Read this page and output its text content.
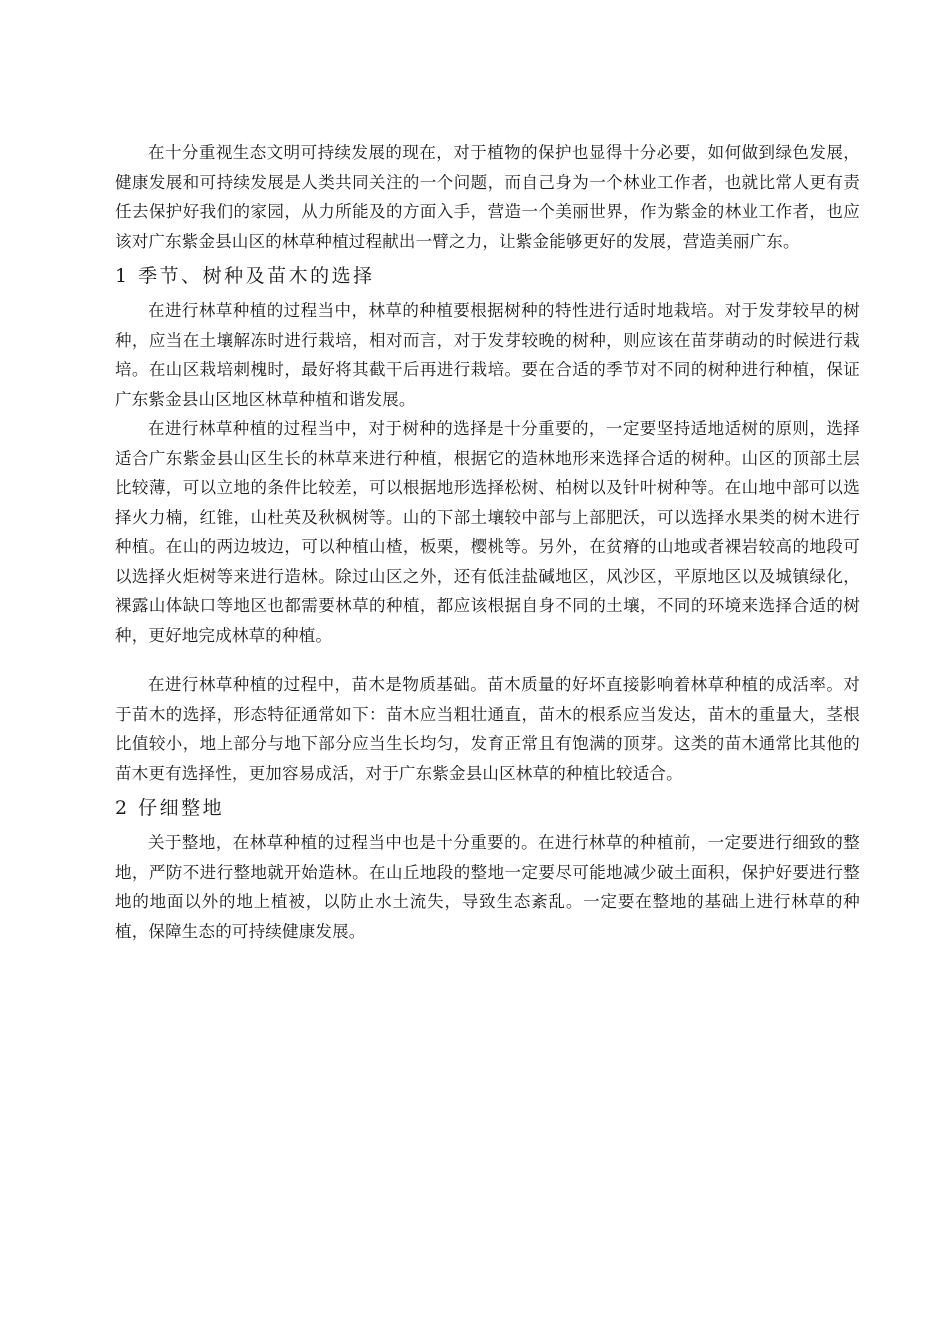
在十分重视生态文明可持续发展的现在，对于植物的保护也显得十分必要，如何做到绿色发展，健康发展和可持续发展是人类共同关注的一个问题，而自己身为一个林业工作者，也就比常人更有责任去保护好我们的家园，从力所能及的方面入手，营造一个美丽世界，作为紫金的林业工作者，也应该对广东紫金县山区的林草种植过程献出一臂之力，让紫金能够更好的发展，营造美丽广东。

1 季节、树种及苗木的选择

在进行林草种植的过程当中，林草的种植要根据树种的特性进行适时地栽培。对于发芽较早的树种，应当在土壤解冻时进行栽培，相对而言，对于发芽较晚的树种，则应该在苗芽萌动的时候进行栽培。在山区栽培刺槐时，最好将其截干后再进行栽培。要在合适的季节对不同的树种进行种植，保证广东紫金县山区地区林草种植和谐发展。

在进行林草种植的过程当中，对于树种的选择是十分重要的，一定要坚持适地适树的原则，选择适合广东紫金县山区生长的林草来进行种植，根据它的造林地形来选择合适的树种。山区的顶部土层比较薄，可以立地的条件比较差，可以根据地形选择松树、柏树以及针叶树种等。在山地中部可以选择火力楠，红锥，山杜英及秋枫树等。山的下部土壤较中部与上部肥沃，可以选择水果类的树木进行种植。在山的两边坡边，可以种植山楂，板栗，樱桃等。另外，在贫瘠的山地或者裸岩较高的地段可以选择火炬树等来进行造林。除过山区之外，还有低洼盐碱地区，风沙区，平原地区以及城镇绿化，裸露山体缺口等地区也都需要林草的种植，都应该根据自身不同的土壤，不同的环境来选择合适的树种，更好地完成林草的种植。

在进行林草种植的过程中，苗木是物质基础。苗木质量的好坏直接影响着林草种植的成活率。对于苗木的选择，形态特征通常如下：苗木应当粗壮通直，苗木的根系应当发达，苗木的重量大，茎根比值较小，地上部分与地下部分应当生长均匀，发育正常且有饱满的顶芽。这类的苗木通常比其他的苗木更有选择性，更加容易成活，对于广东紫金县山区林草的种植比较适合。

2 仔细整地

关于整地，在林草种植的过程当中也是十分重要的。在进行林草的种植前，一定要进行细致的整地，严防不进行整地就开始造林。在山丘地段的整地一定要尽可能地减少破土面积，保护好要进行整地的地面以外的地上植被，以防止水土流失，导致生态紊乱。一定要在整地的基础上进行林草的种植，保障生态的可持续健康发展。
